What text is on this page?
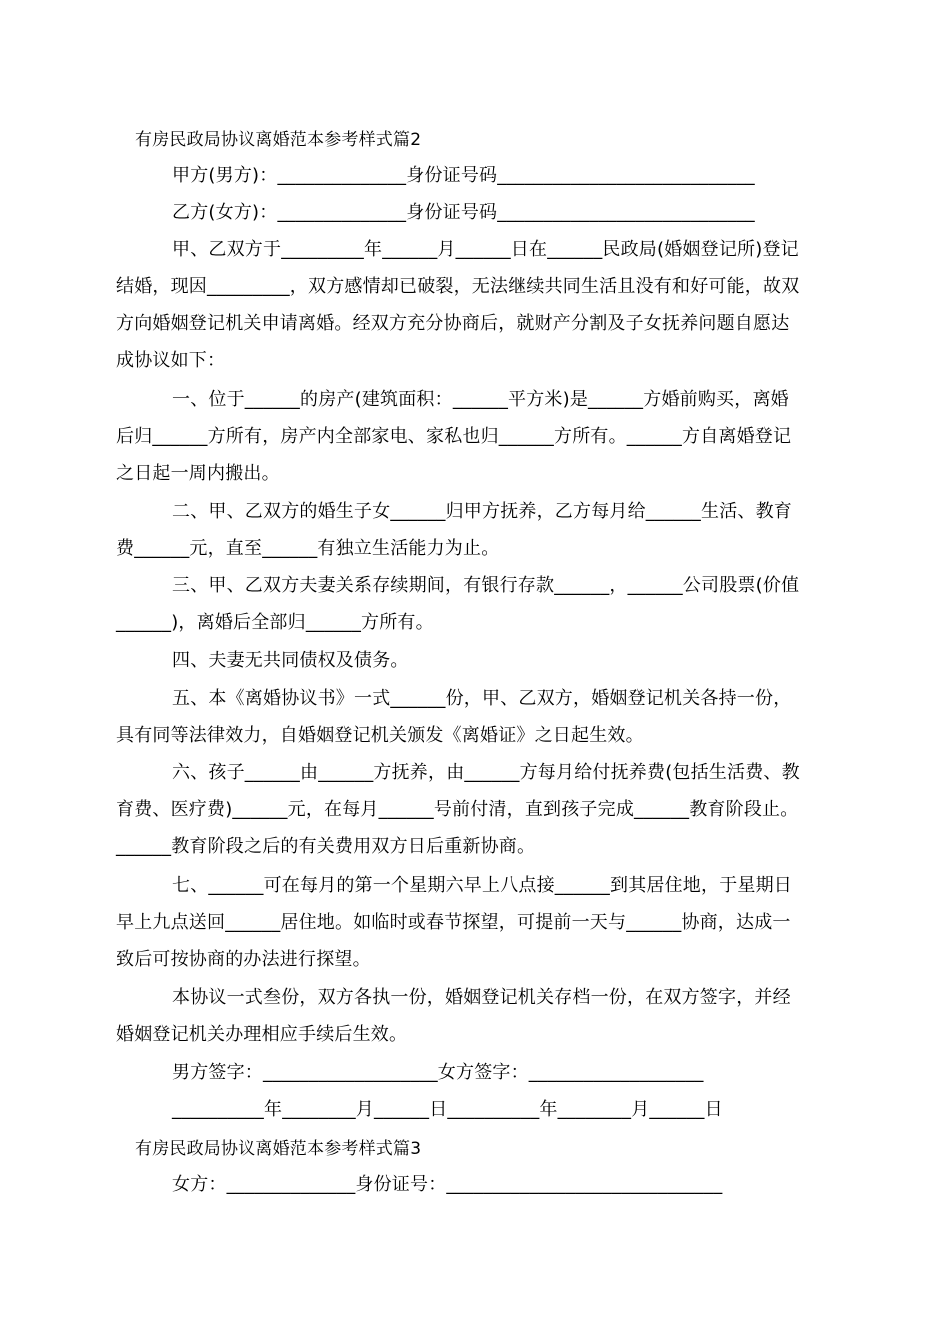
有房民政局协议离婚范本参考样式篇2

甲方(男方)：______________身份证号码____________________________

乙方(女方)：______________身份证号码____________________________

甲、乙双方于_________年______月______日在______民政局(婚姻登记所)登记

结婚，现因_________，双方感情却已破裂，无法继续共同生活且没有和好可能，故双

方向婚姻登记机关申请离婚。经双方充分协商后，就财产分割及子女抚养问题自愿达

成协议如下：

一、位于______的房产(建筑面积：______平方米)是______方婚前购买，离婚

后归______方所有，房产内全部家电、家私也归______方所有。______方自离婚登记

之日起一周内搬出。

二、甲、乙双方的婚生子女______归甲方抚养，乙方每月给______生活、教育

费______元，直至______有独立生活能力为止。

三、甲、乙双方夫妻关系存续期间，有银行存款______，______公司股票(价值

______)，离婚后全部归______方所有。

四、夫妻无共同债权及债务。

五、本《离婚协议书》一式______份，甲、乙双方，婚姻登记机关各持一份，

具有同等法律效力，自婚姻登记机关颁发《离婚证》之日起生效。

六、孩子______由______方抚养，由______方每月给付抚养费(包括生活费、教

育费、医疗费)______元，在每月______号前付清，直到孩子完成______教育阶段止。

______教育阶段之后的有关费用双方日后重新协商。

七、______可在每月的第一个星期六早上八点接______到其居住地，于星期日

早上九点送回______居住地。如临时或春节探望，可提前一天与______协商，达成一

致后可按协商的办法进行探望。

本协议一式叁份，双方各执一份，婚姻登记机关存档一份，在双方签字，并经

婚姻登记机关办理相应手续后生效。

男方签字：___________________女方签字：___________________

__________年________月______日__________年________月______日

有房民政局协议离婚范本参考样式篇3

女方：______________身份证号：______________________________
